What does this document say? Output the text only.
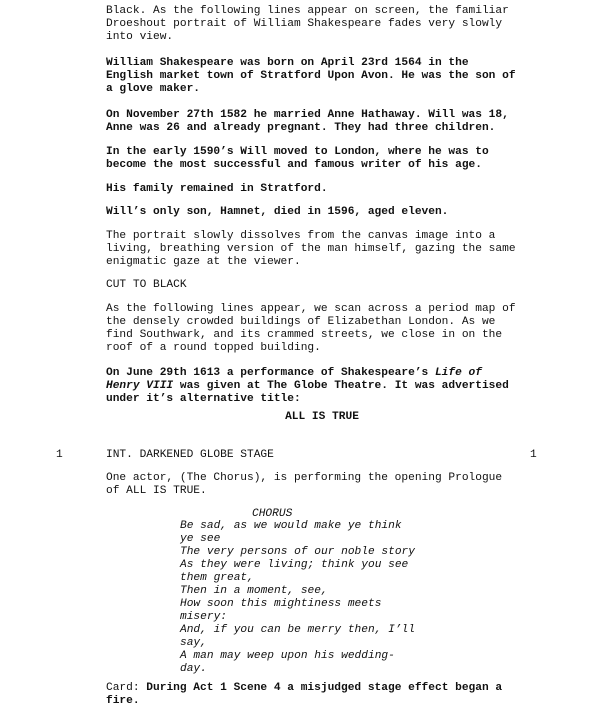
Black. As the following lines appear on screen, the familiar
Droeshout portrait of William Shakespeare fades very slowly
into view.
William Shakespeare was born on April 23rd 1564 in the
English market town of Stratford Upon Avon. He was the son of
a glove maker.
On November 27th 1582 he married Anne Hathaway. Will was 18,
Anne was 26 and already pregnant. They had three children.
In the early 1590’s Will moved to London, where he was to
become the most successful and famous writer of his age.
His family remained in Stratford.
Will’s only son, Hamnet, died in 1596, aged eleven.
The portrait slowly dissolves from the canvas image into a
living, breathing version of the man himself, gazing the same
enigmatic gaze at the viewer.
CUT TO BLACK
As the following lines appear, we scan across a period map of
the densely crowded buildings of Elizabethan London. As we
find Southwark, and its crammed streets, we close in on the
roof of a round topped building.
On June 29th 1613 a performance of Shakespeare’s Life of
Henry VIII was given at The Globe Theatre. It was advertised
under it’s alternative title:
ALL IS TRUE
1	INT. DARKENED GLOBE STAGE	1
One actor, (The Chorus), is performing the opening Prologue
of ALL IS TRUE.
CHORUS
Be sad, as we would make ye think
ye see
The very persons of our noble story
As they were living; think you see
them great,
Then in a moment, see,
How soon this mightiness meets
misery:
And, if you can be merry then, I’ll
say,
A man may weep upon his wedding-
day.
Card: During Act 1 Scene 4 a misjudged stage effect began a
fire.
